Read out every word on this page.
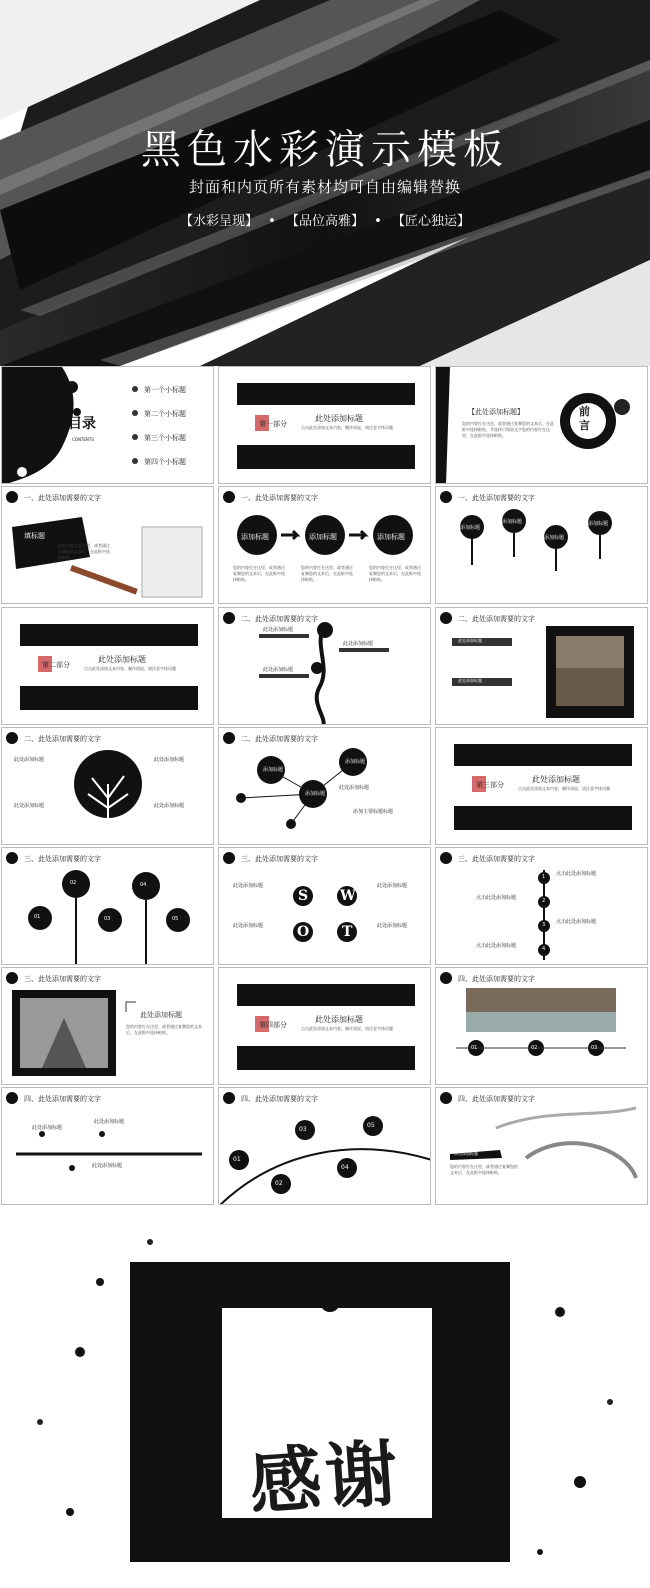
黑色水彩演示模板
封面和内页所有素材均可自由编辑替换
【水彩呈现】 • 【品位高雅】 • 【匠心独运】
目录
CONTENTS
第一个小标题
第二个小标题
第三个小标题
第四个小标题
第一部分
此处添加标题
点击此处添加文本内容，制作请说，请注意字体问题
前言
【此处添加标题】
您的内容打在这里，或者通过复制您的文本后，在此框中选择粘贴，并选择只保留文字您的内容打在这里，在此框中选择粘贴。
一、此处添加需要的文字
填标题
您的内容打在这里，或者通过复制您的文本后，在此框中选择粘贴。
一、此处添加需要的文字
添加标题	添加标题	添加标题
您的内容打在这里，或者通过复制您的文本后，在此框中选择粘贴。
您的内容打在这里，或者通过复制您的文本后，在此框中选择粘贴。
您的内容打在这里，或者通过复制您的文本后，在此框中选择粘贴。
一、此处添加需要的文字
添加标题
添加标题
添加标题
添加标题
第二部分
此处添加标题
点击此处添加文本内容，制作请说，请注意字体问题
二、此处添加需要的文字
此处添加标题
此处添加标题
此处添加标题
二、此处添加需要的文字
此处添加标题
此处添加标题
二、此处添加需要的文字
此处添加标题	此处添加标题
此处添加标题	此处添加标题
二、此处添加需要的文字
添加标题
添加标题
添加标题
此处添加标题
添加主要标题标题
第三部分
此处添加标题
点击此处添加文本内容，制作请说，请注意字体问题
三、此处添加需要的文字
01
02
03
04
05
三、此处添加需要的文字
S W
O T
此处添加标题	此处添加标题
此处添加标题	此处添加标题
三、此处添加需要的文字
1
2
3
4
点击此处添加标题
点击此处添加标题
点击此处添加标题
点击此处添加标题
三、此处添加需要的文字
此处添加标题
您的内容打在这里，或者通过复制您的文本后，在此框中选择粘贴。
第四部分
此处添加标题
点击此处添加文本内容，制作请说，请注意字体问题
四、此处添加需要的文字
01	02	03
四、此处添加需要的文字
此处添加标题
此处添加标题
此处添加标题
四、此处添加需要的文字
01
02
03
04
05
四、此处添加需要的文字
单击添加标题
您的内容打在这里，或者通过复制您的文本后，在此框中选择粘贴。
感谢
